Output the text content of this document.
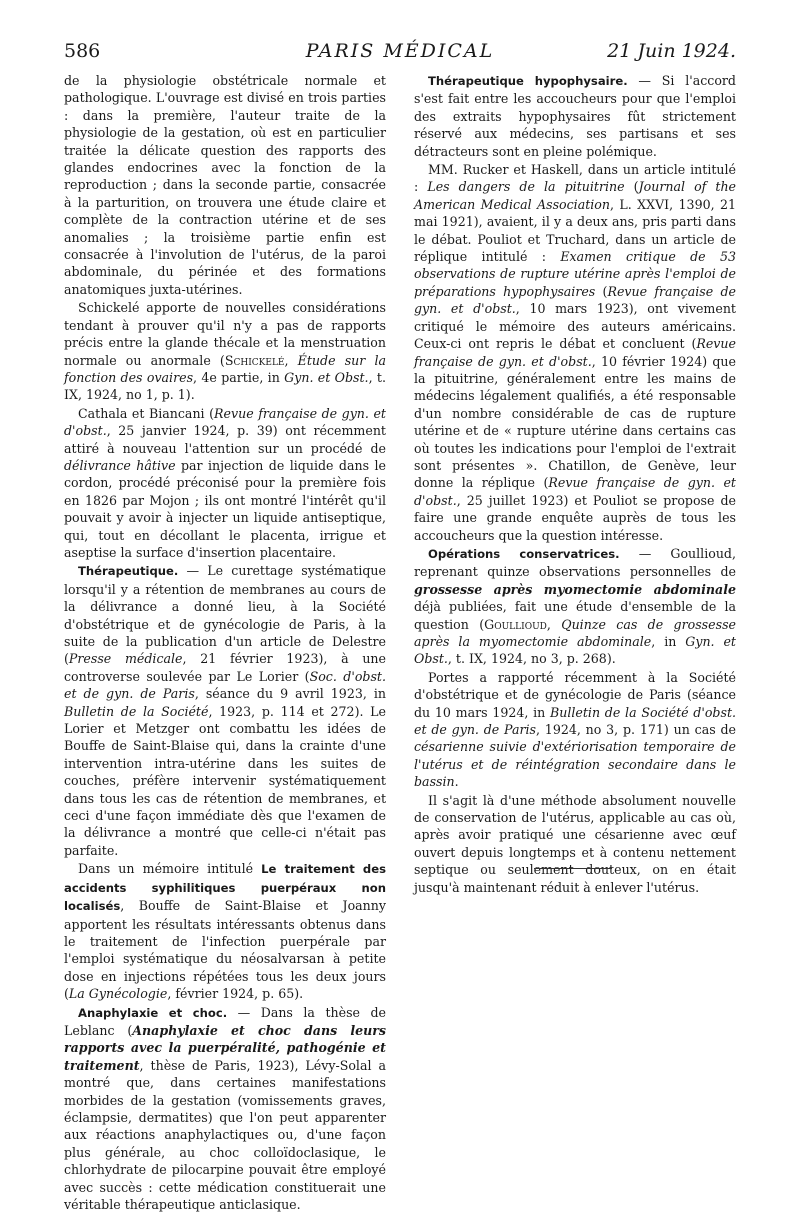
586	PARIS MÉDICAL	21 Juin 1924.

de la physiologie obstétricale normale et pathologique. L'ouvrage est divisé en trois parties : dans la première, l'auteur traite de la physiologie de la gestation, où est en particulier traitée la délicate question des rapports des glandes endocrines avec la fonction de la reproduction ; dans la seconde partie, consacrée à la parturition, on trouvera une étude claire et complète de la contraction utérine et de ses anomalies ; la troisième partie enfin est consacrée à l'involution de l'utérus, de la paroi abdominale, du périnée et des formations anatomiques juxta-utérines.

Schickelé apporte de nouvelles considérations tendant à prouver qu'il n'y a pas de rapports précis entre la glande thécale et la menstruation normale ou anormale (Schickelé, Étude sur la fonction des ovaires, 4e partie, in Gyn. et Obst., t. IX, 1924, no 1, p. 1).

Cathala et Biancani (Revue française de gyn. et d'obst., 25 janvier 1924, p. 39) ont récemment attiré à nouveau l'attention sur un procédé de délivrance hâtive par injection de liquide dans le cordon, procédé préconisé pour la première fois en 1826 par Mojon ; ils ont montré l'intérêt qu'il pouvait y avoir à injecter un liquide antiseptique, qui, tout en décollant le placenta, irrigue et aseptise la surface d'insertion placentaire.

Thérapeutique. — Le curettage systématique lorsqu'il y a rétention de membranes au cours de la délivrance a donné lieu, à la Société d'obstétrique et de gynécologie de Paris, à la suite de la publication d'un article de Delestre (Presse médicale, 21 février 1923), à une controverse soulevée par Le Lorier (Soc. d'obst. et de gyn. de Paris, séance du 9 avril 1923, in Bulletin de la Société, 1923, p. 114 et 272). Le Lorier et Metzger ont combattu les idées de Bouffe de Saint-Blaise qui, dans la crainte d'une intervention intra-utérine dans les suites de couches, préfère intervenir systématiquement dans tous les cas de rétention de membranes, et ceci d'une façon immédiate dès que l'examen de la délivrance a montré que celle-ci n'était pas parfaite.

Dans un mémoire intitulé Le traitement des accidents syphilitiques puerpéraux non localisés, Bouffe de Saint-Blaise et Joanny apportent les résultats intéressants obtenus dans le traitement de l'infection puerpérale par l'emploi systématique du néosalvarsan à petite dose en injections répétées tous les deux jours (La Gynécologie, février 1924, p. 65).

Anaphylaxie et choc. — Dans la thèse de Leblanc (Anaphylaxie et choc dans leurs rapports avec la puerpéralité, pathogénie et traitement, thèse de Paris, 1923), Lévy-Solal a montré que, dans certaines manifestations morbides de la gestation (vomissements graves, éclampsie, dermatites) que l'on peut apparenter aux réactions anaphylactiques ou, d'une façon plus générale, au choc colloïdoclasique, le chlorhydrate de pilocarpine pouvait être employé avec succès : cette médication constituerait une véritable thérapeutique anticlasique.

Thérapeutique hypophysaire. — Si l'accord s'est fait entre les accoucheurs pour que l'emploi des extraits hypophysaires fût strictement réservé aux médecins, ses partisans et ses détracteurs sont en pleine polémique.

MM. Rucker et Haskell, dans un article intitulé : Les dangers de la pituitrine (Journal of the American Medical Association, L. XXVI, 1390, 21 mai 1921), avaient, il y a deux ans, pris parti dans le débat. Pouliot et Truchard, dans un article de réplique intitulé : Examen critique de 53 observations de rupture utérine après l'emploi de préparations hypophysaires (Revue française de gyn. et d'obst., 10 mars 1923), ont vivement critiqué le mémoire des auteurs américains. Ceux-ci ont repris le débat et concluent (Revue française de gyn. et d'obst., 10 février 1924) que la pituitrine, généralement entre les mains de médecins légalement qualifiés, a été responsable d'un nombre considérable de cas de rupture utérine et de « rupture utérine dans certains cas où toutes les indications pour l'emploi de l'extrait sont présentes ». Chatillon, de Genève, leur donne la réplique (Revue française de gyn. et d'obst., 25 juillet 1923) et Pouliot se propose de faire une grande enquête auprès de tous les accoucheurs que la question intéresse.

Opérations conservatrices. — Goullioud, reprenant quinze observations personnelles de grossesse après myomectomie abdominale déjà publiées, fait une étude d'ensemble de la question (Goullioud, Quinze cas de grossesse après la myomectomie abdominale, in Gyn. et Obst., t. IX, 1924, no 3, p. 268).

Portes a rapporté récemment à la Société d'obstétrique et de gynécologie de Paris (séance du 10 mars 1924, in Bulletin de la Société d'obst. et de gyn. de Paris, 1924, no 3, p. 171) un cas de césarienne suivie d'extériorisation temporaire de l'utérus et de réintégration secondaire dans le bassin.

Il s'agit là d'une méthode absolument nouvelle de conservation de l'utérus, applicable au cas où, après avoir pratiqué une césarienne avec œuf ouvert depuis longtemps et à contenu nettement septique ou seulement douteux, on en était jusqu'à maintenant réduit à enlever l'utérus.
